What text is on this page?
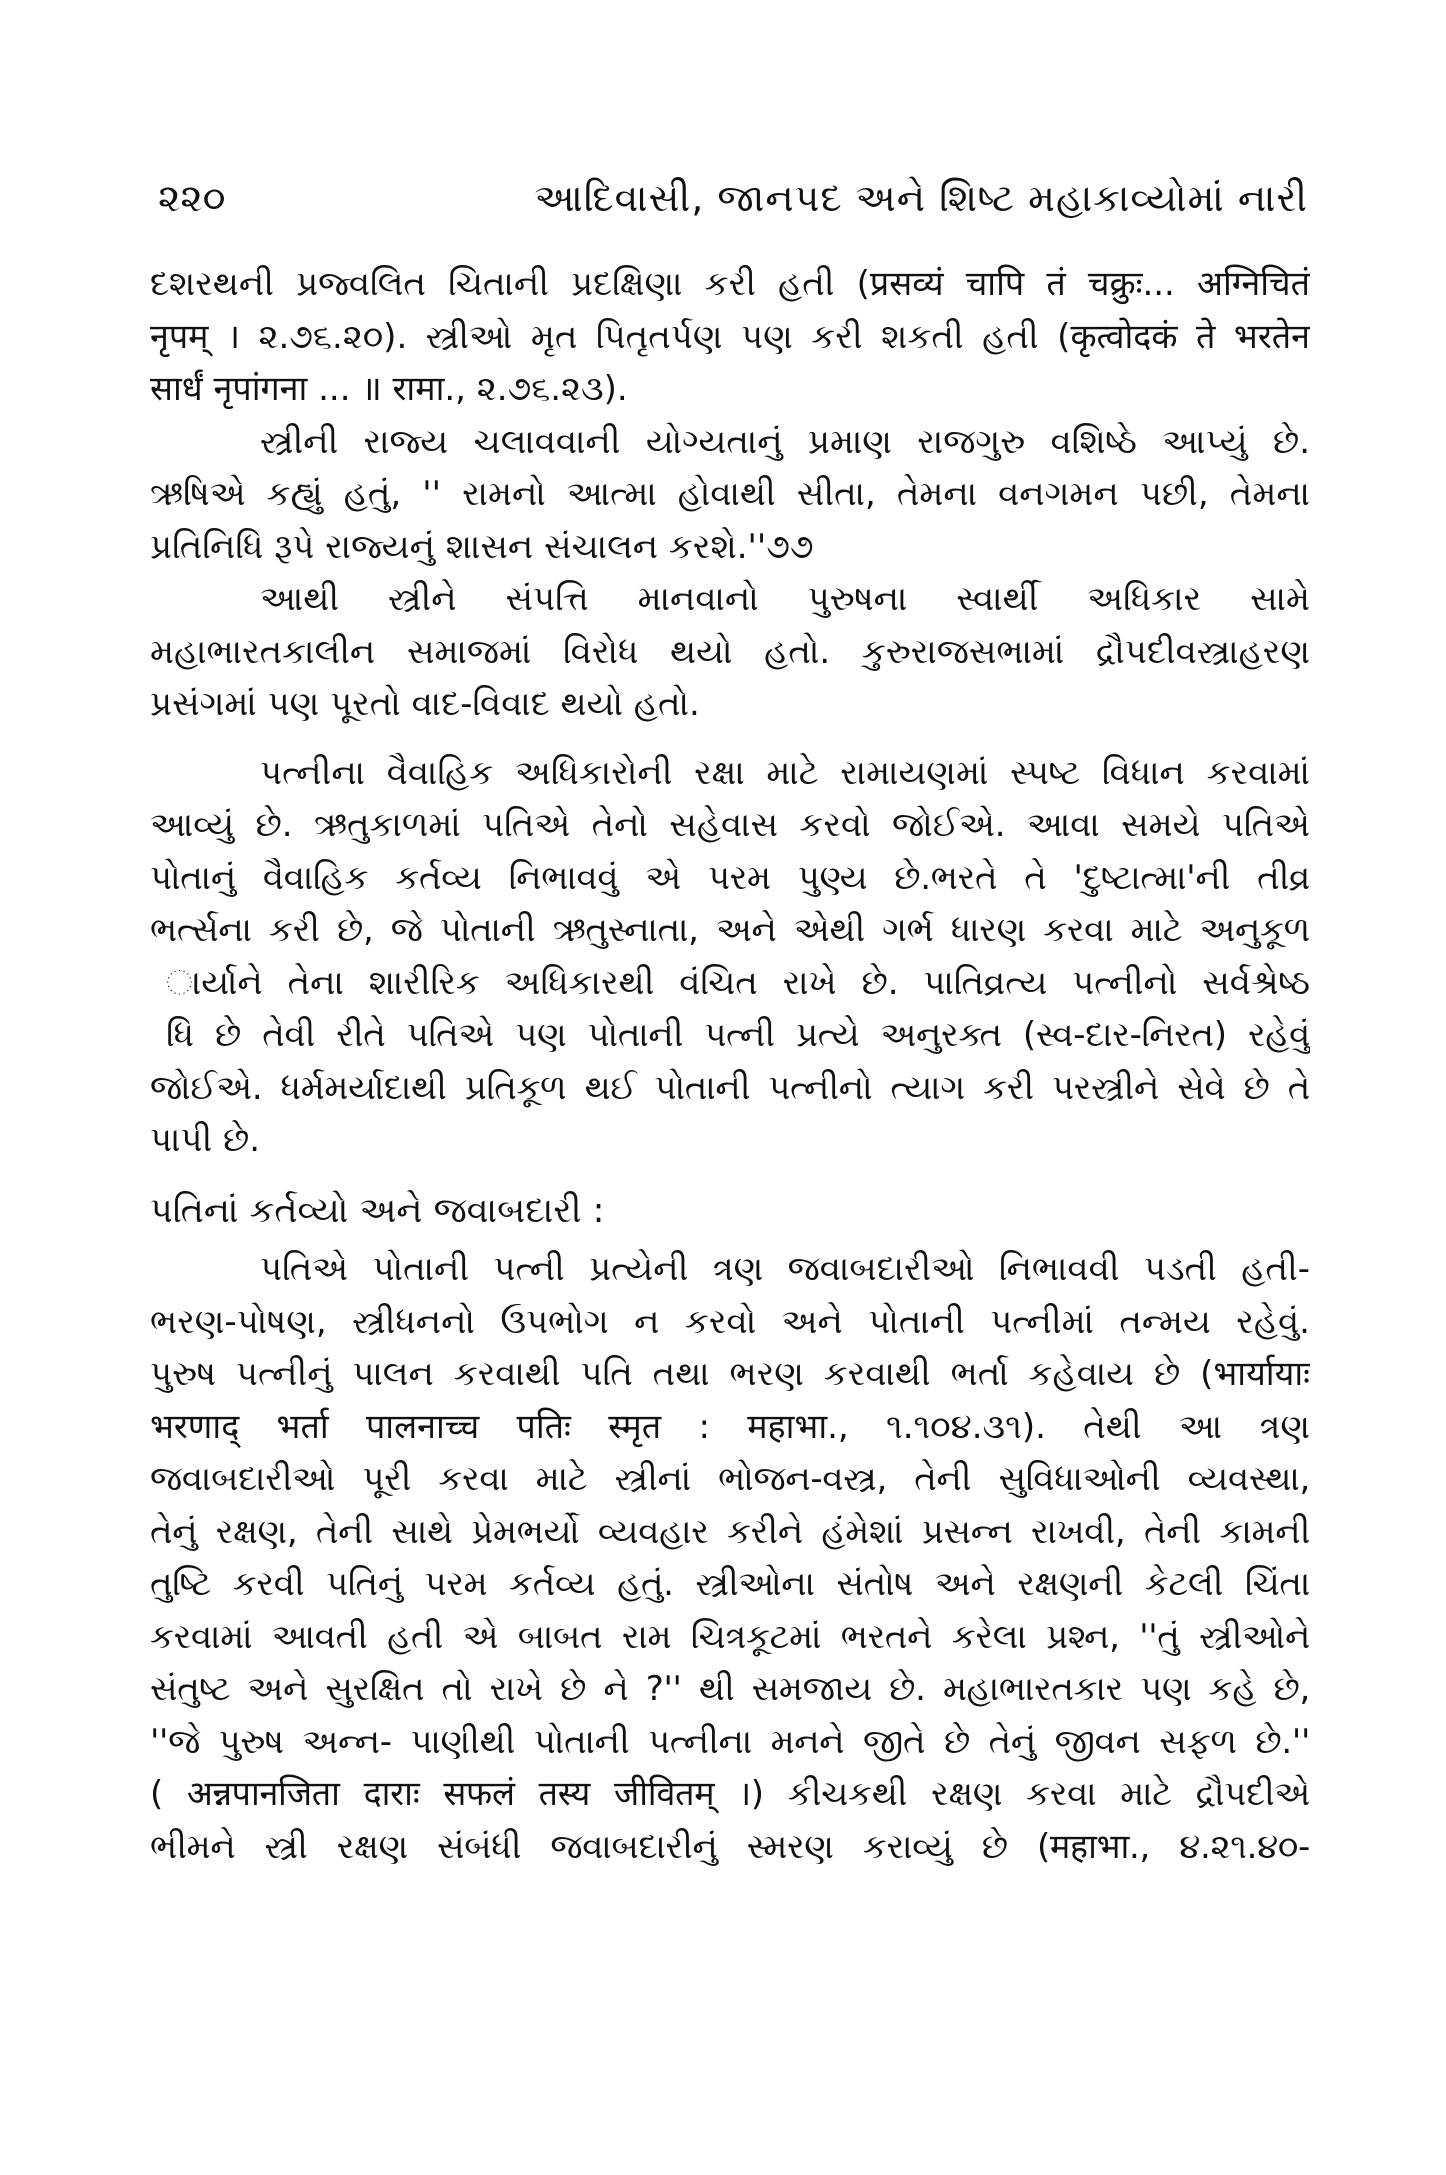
૨૨૦	આદિવાસી, જાનપદ અને શિષ્ટ મહાકાવ્યોમાં નારી
દશરથની પ્રજ્વલિત ચિતાની પ્રદક્ષિણા કરી હતી (प्रसव्यं चापि तं चक्रुः... अग्निचितं
नृपम् । ૨.૭૬.૨૦). સ્ત્રીઓ મૃત પિતૃતર્પણ પણ કરી શકતી હતી (कृत्वोदकं ते भरतेन
सार्धं नृपांगना ... ॥ रामा., ૨.૭૬.૨૩).
સ્ત્રીની રાજ્ય ચલાવવાની યોગ્યતાનું પ્રમાણ રાજગુરુ વશિષ્ઠે આપ્યું છે.
ઋષિએ કહ્યું હતું, '' રામનો આત્મા હોવાથી સીતા, તેમના વનગમન પછી, તેમના
પ્રતિનિધિ રૂપે રાજ્યનું શાસન સંચાલન કરશે.''૭૭
આથી સ્ત્રીને સંપત્તિ માનવાનો પુરુષના સ્વાર્થી અધિકાર સામે
મહાભારતકાલીન સમાજમાં વિરોધ થયો હતો. કુરુરાજસભામાં દ્રૌપદીવસ્ત્રાહરણ
પ્રસંગમાં પણ પૂરતો વાદ-વિવાદ થયો હતો.
પત્નીના વૈવાહિક અધિકારોની રક્ષા માટે રામાયણમાં સ્પષ્ટ વિધાન કરવામાં
આવ્યું છે. ઋતુકાળમાં પતિએ તેનો સહેવાસ કરવો જોઈએ. આવા સમયે પતિએ
પોતાનું વૈવાહિક કર્તવ્ય નિભાવવું એ પરમ પુણ્ય છે.ભરતે તે 'દુષ્ટાત્મા'ની તીવ્ર
ભર્ત્સના કરી છે, જે પોતાની ઋતુસ્નાતા, અને એથી ગર્ભ ધારણ કરવા માટે અનુકૂળ
ાર્યાને તેના શારીરિક અધિકારથી વંચિત રાખે છે. પાતિવ્રત્ય પત્નીનો સર્વશ્રેષ્ઠ
ધિ છે તેવી રીતે પતિએ પણ પોતાની પત્ની પ્રત્યે અનુરક્ત (સ્વ-દાર-નિરત) રહેવું
જોઈએ. ધર્મમર્યાદાથી પ્રતિકૂળ થઈ પોતાની પત્નીનો ત્યાગ કરી પરસ્ત્રીને સેવે છે તે
પાપી છે.
પતિનાં કર્તવ્યો અને જવાબદારી :
પતિએ પોતાની પત્ની પ્રત્યેની ત્રણ જવાબદારીઓ નિભાવવી પડતી હતી-
ભરણ-પોષણ, સ્ત્રીધનનો ઉપભોગ ન કરવો અને પોતાની પત્નીમાં તન્મય રહેવું.
પુરુષ પત્નીનું પાલન કરવાથી પતિ તથા ભરણ કરવાથી ભર્તા કહેવાય છે (भार्यायाः
भरणाद् भर्ता पालनाच्च पतिः स्मृत : महाभा., ૧.૧૦૪.૩૧). તેથી આ ત્રણ
જવાબદારીઓ પૂરી કરવા માટે સ્ત્રીનાં ભોજન-વસ્ત્ર, તેની સુવિધાઓની વ્યવસ્થા,
તેનું રક્ષણ, તેની સાથે પ્રેમભર્યો વ્યવહાર કરીને હંમેશાં પ્રસન્ન રાખવી, તેની કામની
તુષ્ટિ કરવી પતિનું પરમ કર્તવ્ય હતું. સ્ત્રીઓના સંતોષ અને રક્ષણની કેટલી ચિંતા
કરવામાં આવતી હતી એ બાબત રામ ચિત્રકૂટમાં ભરતને કરેલા પ્રશ્ન, ''તું સ્ત્રીઓને
સંતુષ્ટ અને સુરક્ષિત તો રાખે છે ને ?'' થી સમજાય છે. મહાભારતકાર પણ કહે છે,
''જે પુરુષ અન્ન- પાણીથી પોતાની પત્નીના મનને જીતે છે તેનું જીવન સફળ છે.''
( अन्नपानजिता दाराः सफलं तस्य जीवितम् ।) કીચકથી રક્ષણ કરવા માટે દ્રૌપદીએ
ભીમને સ્ત્રી રક્ષણ સંબંધી જવાબદારીનું સ્મરણ કરાવ્યું છે (महाभा., ૪.૨૧.૪૦-
